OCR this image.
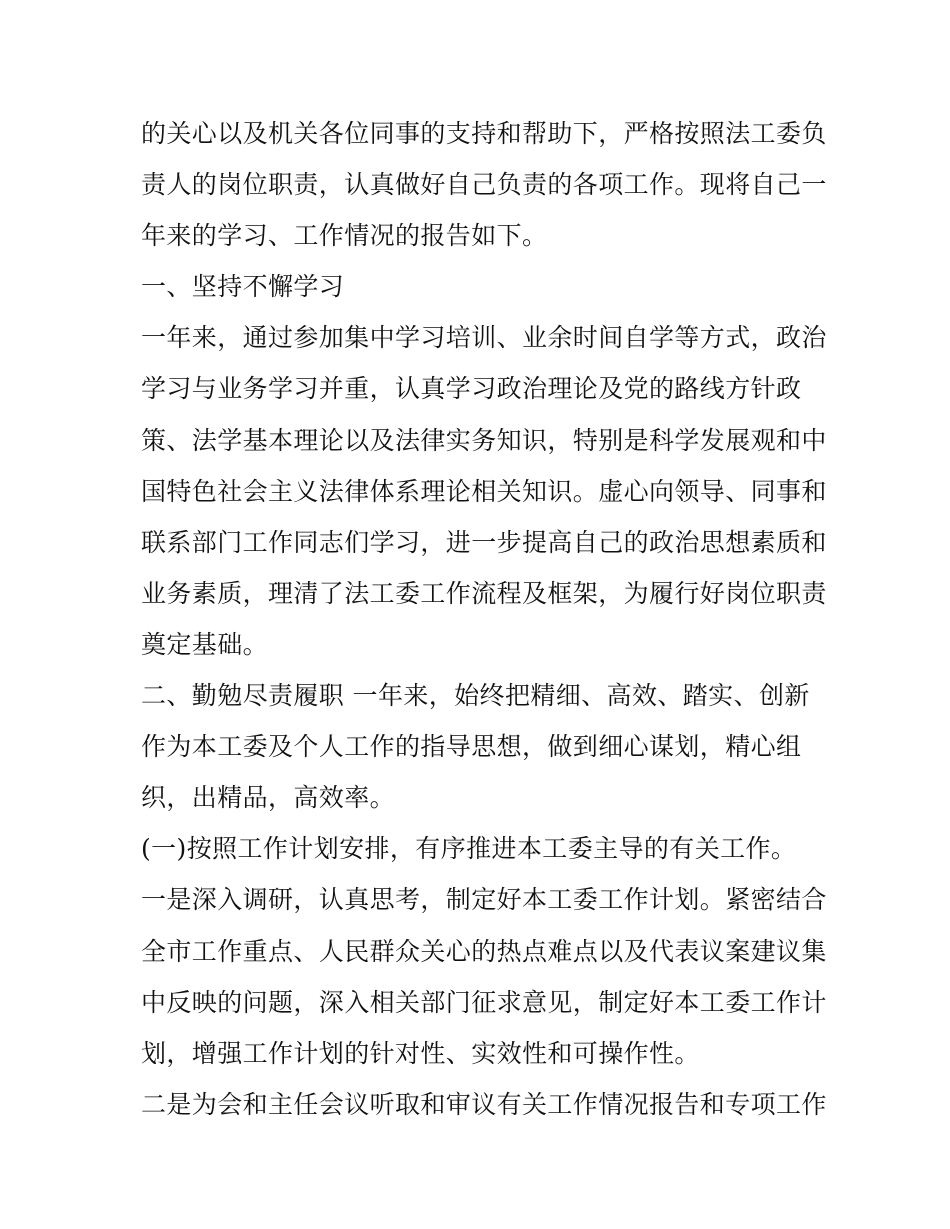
的关心以及机关各位同事的支持和帮助下，严格按照法工委负
责人的岗位职责，认真做好自己负责的各项工作。现将自己一
年来的学习、工作情况的报告如下。
一、坚持不懈学习
一年来，通过参加集中学习培训、业余时间自学等方式，政治
学习与业务学习并重，认真学习政治理论及党的路线方针政
策、法学基本理论以及法律实务知识，特别是科学发展观和中
国特色社会主义法律体系理论相关知识。虚心向领导、同事和
联系部门工作同志们学习，进一步提高自己的政治思想素质和
业务素质，理清了法工委工作流程及框架，为履行好岗位职责
奠定基础。
二、勤勉尽责履职 一年来，始终把精细、高效、踏实、创新
作为本工委及个人工作的指导思想，做到细心谋划，精心组
织，出精品，高效率。
(一)按照工作计划安排，有序推进本工委主导的有关工作。
一是深入调研，认真思考，制定好本工委工作计划。紧密结合
全市工作重点、人民群众关心的热点难点以及代表议案建议集
中反映的问题，深入相关部门征求意见，制定好本工委工作计
划，增强工作计划的针对性、实效性和可操作性。
二是为会和主任会议听取和审议有关工作情况报告和专项工作
